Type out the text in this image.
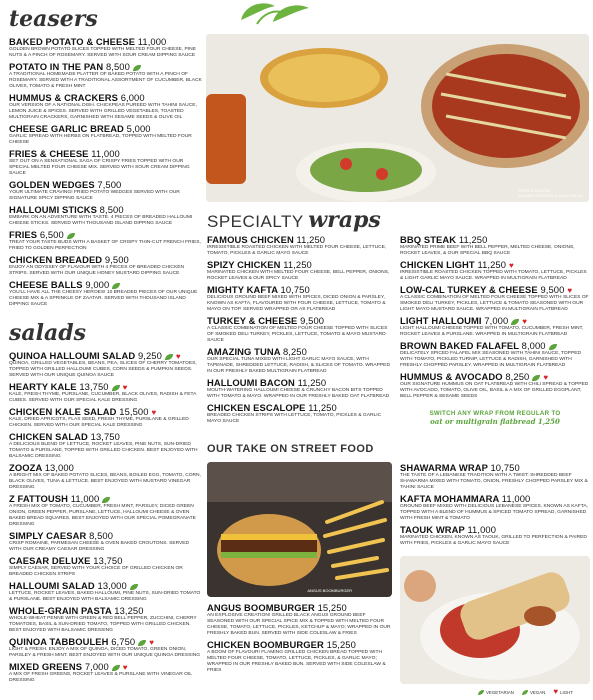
teasers
BAKED POTATO & CHEESE 11,000
GOLDEN BROWN POTATO SLICES TOPPED WITH MELTED FOUR CHEESE, PINE NUTS & A PINCH OF ROSEMARY. SERVED WITH SOUR CREAM DIPPING SAUCE
POTATO IN THE PAN 8,500
A TRADITIONAL HOMEMADE PLATTER OF BAKED POTATO WITH A PINCH OF ROSEMARY. SERVED WITH A TRADITIONAL ASSORTMENT OF CUCUMBER, BLACK OLIVES, TOMATO & FRESH MINT
HUMMUS & CRACKERS 6,000
OUR VERSION OF A NATIONAL DISH. CHICKPEAS PUREED WITH TAHINI SAUCE, LEMON JUICE & SPICES. SERVED WITH GRILLED VEGETABLES, TOASTED MULTIGRAIN CRACKERS, GARNISHED WITH SESAME SEEDS & OLIVE OIL
CHEESE GARLIC BREAD 5,000
GARLIC SPREAD WITH HERBS ON FLATBREAD, TOPPED WITH MELTED FOUR CHEESE
FRIES & CHEESE 11,000
SET OUT ON A SENSATIONAL SAGA OF CRISPY FRIES TOPPED WITH OUR SPECIAL MELTED FOUR CHEESE MIX. SERVED WITH SOUR CREAM DIPPING SAUCE
GOLDEN WEDGES 7,500
YOUR ULTIMATE CRAVING! FRIED POTATO WEDGES SERVED WITH OUR SIGNATURE SPICY DIPPING SAUCE
HALLOUMI STICKS 8,500
EMBARK ON AN ADVENTURE WITH TASTE. 4 PIECES OF BREADED HALLOUMI CHEESE STICKS. SERVED WITH THOUSAND ISLAND DIPPING SAUCE
FRIES 6,500
TREAT YOUR TASTE BUDS WITH A BASKET OF CRISPY THIN-CUT FRENCH FRIES, FRIED TO GOLDEN PERFECTION
CHICKEN BREADED 9,500
ENJOY AN ODYSSEY OF FLAVOUR WITH 4 PIECES OF BREADED CHICKEN STRIPS. SERVED WITH OUR UNIQUE HONEY MUSTARD DIPPING SAUCE
CHEESE BALLS 9,000
YOU'LL HAVE ALL THE CHEESY HEROES! 10 BREADED PIECES OF OUR UNIQUE CHEESE MIX & A SPRINKLE OF ZAATAR. SERVED WITH THOUSAND ISLAND DIPPING SAUCE
salads
QUINOA HALLOUMI SALAD 9,250 ♥
QUINOA, GRILLED VEGETABLES, BEANS, PEA, SLICES OF CHERRY TOMATOES, TOPPED WITH GRILLED HALLOUMI CUBES, CORN SEEDS & PUMPKIN SEEDS. SERVED WITH OUR UNIQUE QUINOA SAUCE
HEARTY KALE 13,750 ♥
KALE, FRESH THYME, PURSLANE, CUCUMBER, BLACK OLIVES, RADISH & FETA CUBES. SERVED WITH OUR SPECIAL KALE DRESSING
CHICKEN KALE SALAD 15,500 ♥
KALE, DRIED APRICOTS, FLAX SEED, FRESH THYME, PURSLANE & GRILLED CHICKEN. SERVED WITH OUR SPECIAL KALE DRESSING
CHICKEN SALAD 13,750
A DELICIOUS BLEND OF LETTUCE, ROCKET LEAVES, PINE NUTS, SUN-DRIED TOMATO & PURSLANE, TOPPED WITH GRILLED CHICKEN. BEST ENJOYED WITH BALSAMIC DRESSING
ZOOZA 13,000
A BRIGHT MIX OF BAKED POTATO SLICES, BEANS, BOILED EGG, TOMATO, CORN, BLACK OLIVES, TUNA & LETTUCE. BEST ENJOYED WITH MUSTARD VINEGAR DRESSING
Z FATTOUSH 11,000
A FRESH MIX OF TOMATO, CUCUMBER, FRESH MINT, PARSLEY, DICED GREEN ONION, GREEN PEPPER, PURSLANE, LETTUCE, HALLOUMI CHEESE & OVEN BAKED BREAD SQUARES. BEST ENJOYED WITH OUR SPECIAL POMEGRANATE DRESSING
SIMPLY CAESAR 8,500
CRISP ROMAINE, PARMESAN CHEESE & OVEN BAKED CROUTONS. SERVED WITH OUR CREAMY CAESAR DRESSING
CAESAR DELUXE 13,750
SIMPLY CAESAR, SERVED WITH YOUR CHOICE OF GRILLED CHICKEN OR BREADED CHICKEN STRIPS
HALLOUMI SALAD 13,000
LETTUCE, ROCKET LEAVES, BAKED HALLOUMI, PINE NUTS, SUN-DRIED TOMATO & PURSLANE. BEST ENJOYED WITH BALSAMIC DRESSING
WHOLE-GRAIN PASTA 13,250
WHOLE-WHEAT PENNE WITH GREEN & RED BELL PEPPER, ZUCCHINI, CHERRY TOMATOES, BASIL & SUN-DRIED TOMATO, TOPPED WITH GRILLED CHICKEN. BEST ENJOYED WITH BALSAMIC DRESSING
QUINOA TABBOULEH 6,750 ♥
LIGHT & FRESH. ENJOY A MIX OF QUINOA, DICED TOMATO, GREEN ONION, PARSLEY & FRESH MINT. BEST ENJOYED WITH OUR UNIQUE QUINOA DRESSING
MIXED GREENS 7,000 ♥
A MIX OF FRESH GREENS, ROCKET LEAVES & PURSLANE WITH VINEGAR OIL DRESSING
FRIES & CHEESE
GOLDEN WEDGES & KALE SALAD
SPECIALTY wraps
FAMOUS CHICKEN 11,250
IRRESISTIBLE ROASTED CHICKEN WITH MELTED FOUR CHEESE, LETTUCE, TOMATO, PICKLES & GARLIC MAYO SAUCE
SPIZY CHICKEN 11,250
MARINATED CHICKEN WITH MELTED FOUR CHEESE, BELL PEPPER, ONIONS, ROCKET LEAVES & OUR SPICY SAUCE
MIGHTY KAFTA 10,750
DELICIOUS GROUND BEEF MIXED WITH SPICES, DICED ONION & PARSLEY, KNOWN AS KAFTA, FLAVOURED WITH FOUR CHEESE, LETTUCE, TOMATO & MAYO ON TOP. SERVED WRAPPED OR AS FLATBREAD
TURKEY & CHEESE 9,500
A CLASSIC COMBINATION OF MELTED FOUR CHEESE TOPPED WITH SLICES OF SMOKED DELI TURKEY, PICKLES, LETTUCE, TOMATO & MAYO MUSTARD SAUCE
AMAZING TUNA 8,250
OUR SPECIAL TUNA MIXED WITH LIGHT GARLIC MAYO SAUCE, WITH TAPENADE, SHREDDED LETTUCE, RADISH, & SLICES OF TOMATO. WRAPPED IN OUR FRESHLY BAKED MULTIGRAIN FLATBREAD
HALLOUMI BACON 11,250
MOUTH-WATERING HALLOUMI CHEESE & CRUNCHY BACON BITS TOPPED WITH TOMATO & MAYO. WRAPPED IN OUR FRESHLY BAKED OAT FLATBREAD
CHICKEN ESCALOPE 11,250
BREADED CHICKEN STRIPS WITH LETTUCE, TOMATO, PICKLES & GARLIC MAYO SAUCE
BBQ STEAK 11,250
MARINATED PRIME BEEF WITH BELL PEPPER, MELTED CHEESE, ONIONS, ROCKET LEAVES, & OUR SPECIAL BBQ SAUCE
CHICKEN LIGHT 11,250 ♥
IRRESISTIBLE ROASTED CHICKEN TOPPED WITH TOMATO, LETTUCE, PICKLES & LIGHT GARLIC MAYO SAUCE. WRAPPED IN MULTIGRAIN FLATBREAD
LOW-CAL TURKEY & CHEESE 9,500 ♥
A CLASSIC COMBINATION OF MELTED FOUR CHEESE TOPPED WITH SLICES OF SMOKED DELI TURKEY, PICKLES, LETTUCE & TOMATO SEASONED WITH OUR LIGHT MAYO MUSTARD SAUCE. WRAPPED IN MULTIGRAIN FLATBREAD
LIGHT HALLOUMI 7,000 ♥
LIGHT HALLOUMI CHEESE TOPPED WITH TOMATO, CUCUMBER, FRESH MINT, ROCKET LEAVES & PURSLANE. WRAPPED IN MULTIGRAIN FLATBREAD
BROWN BAKED FALAFEL 8,000
DELICATELY SPICED FALAFEL MIX SEASONED WITH TAHINI SAUCE, TOPPED WITH TOMATO, PICKLED TURNIP, LETTUCE & RADISH, GARNISHED WITH FRESHLY CHOPPED PARSLEY. WRAPPED IN MULTIGRAIN FLATBREAD
HUMMUS & AVOCADO 8,250 ♥
OUR SIGNATURE HUMMUS ON OAT FLATBREAD WITH CHILI SPREAD & TOPPED WITH AVOCADO, TOMATO, OLIVE OIL, BASIL & A MIX OF GRILLED EGGPLANT, BELL PEPPER & SESAME SEEDS
SWITCH ANY WRAP FROM REGULAR TO
oat or multigrain flatbread 1,250
OUR TAKE ON STREET FOOD
ANGUS BOOMBURGER
ANGUS BOOMBURGER 15,250
AN EXPLOSIVE CREATION! GRILLED BLACK ANGUS GROUND BEEF SEASONED WITH OUR SPECIAL SPICE MIX & TOPPED WITH MELTED FOUR CHEESE, TOMATO, LETTUCE, PICKLES, KETCHUP & MAYO; WRAPPED IN OUR FRESHLY BAKED BUN. SERVED WITH SIDE COLESLAW & FRIES
CHICKEN BOOMBURGER 15,250
A BOOM OF FLAVOUR! FLAMING GRILLED CHICKEN BREAD TOPPED WITH MELTED FOUR CHEESE, TOMATO, LETTUCE, PICKLES, & GARLIC MAYO; WRAPPED IN OUR FRESHLY BAKED BUN. SERVED WITH SIDE COLESLAW & FRIES
SHAWARMA WRAP 10,750
THE TASTE OF A LEBANESE TRADITION WITH A TWIST: SHREDDED BEEF SHAWARMA MIXED WITH TOMATO, ONION, FRESHLY CHOPPED PARSLEY MIX & TAHINI SAUCE
KAFTA MOHAMMARA 11,000
GROUND BEEF MIXED WITH DELICIOUS LEBANESE SPICES, KNOWN AS KAFTA, TOPPED WITH A BLEND OF HUMMUS & SPICED TOMATO SPREAD, GARNISHED WITH FRESH MINT & TOMATO
TAOUK WRAP 11,000
MARINATED CHICKEN, KNOWN AS TAOUK, GRILLED TO PERFECTION & PAIRED WITH FRIES, PICKLES & GARLIC MAYO SAUCE
VEGETARIAN	VEGAN ♥ LIGHT
